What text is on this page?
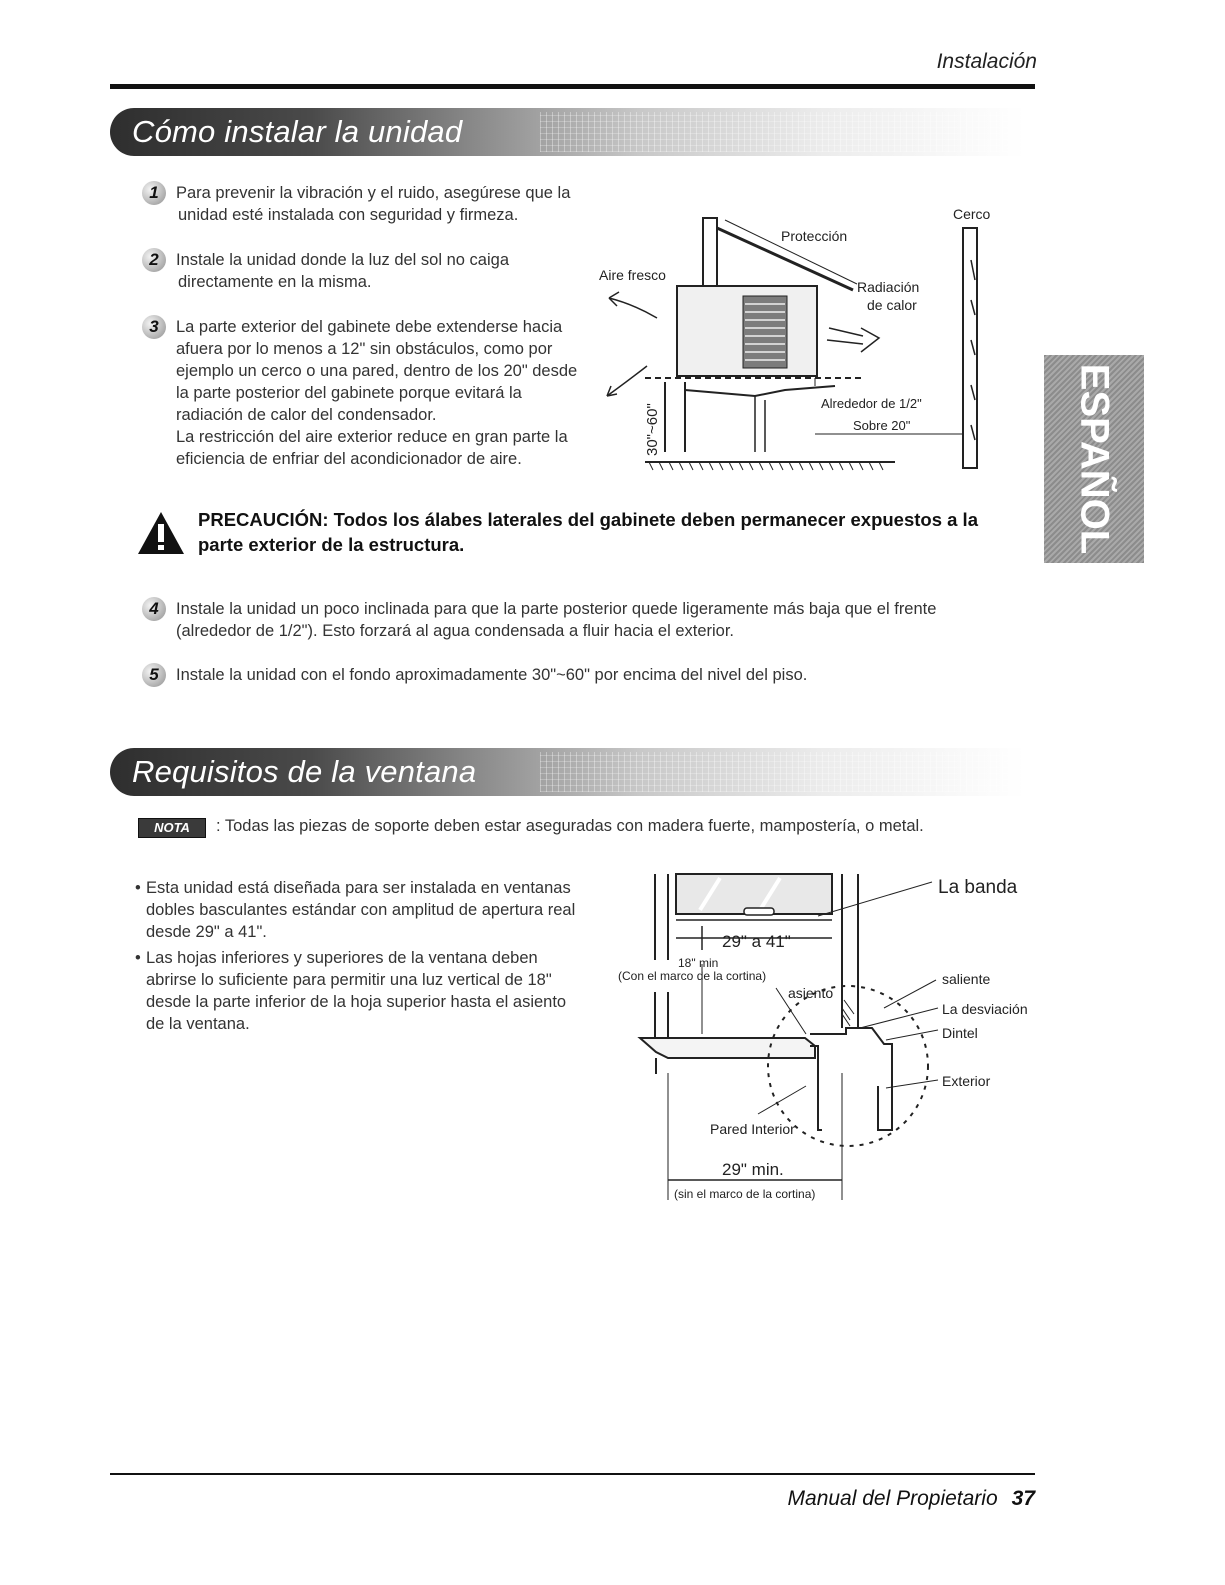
Instalación
Cómo instalar la unidad
1	Para prevenir la vibración y el ruido, asegúrese que la
unidad esté instalada con seguridad y firmeza.
2	Instale la unidad donde la luz del sol no caiga
directamente en la misma.
3	La parte exterior del gabinete debe extenderse hacia
afuera por lo menos a 12" sin obstáculos, como por
ejemplo un cerco o una pared, dentro de los 20" desde
la parte posterior del gabinete porque evitará la
radiación de calor del condensador.
La restricción del aire exterior reduce en gran parte la
eficiencia de enfriar del acondicionador de aire.
Protección
Cerco
Aire fresco
Radiación
de calor
30"~60"	Alrededor de 1/2"
Sobre 20"	ESPAÑOL
PRECAUCIÓN: Todos los álabes laterales del gabinete deben permanecer expuestos a la
parte exterior de la estructura.
4	Instale la unidad un poco inclinada para que la parte posterior quede ligeramente más baja que el frente
(alrededor de 1/2"). Esto forzará al agua condensada a fluir hacia el exterior.
5	Instale la unidad con el fondo aproximadamente 30"~60" por encima del nivel del piso.
Requisitos de la ventana
NOTA	: Todas las piezas de soporte deben estar aseguradas con madera fuerte, mampostería, o metal.
• Esta unidad está diseñada para ser instalada en ventanas
dobles basculantes estándar con amplitud de apertura real
desde 29" a 41".
• Las hojas inferiores y superiores de la ventana deben
abrirse lo suficiente para permitir una luz vertical de 18"
desde la parte inferior de la hoja superior hasta el asiento
de la ventana.
La banda
29" a 41"
18" min
(Con el marco de la cortina)
asiento
saliente
La desviación
Dintel
Exterior
Pared Interior
29" min.
(sin el marco de la cortina)
Manual del Propietario 37
